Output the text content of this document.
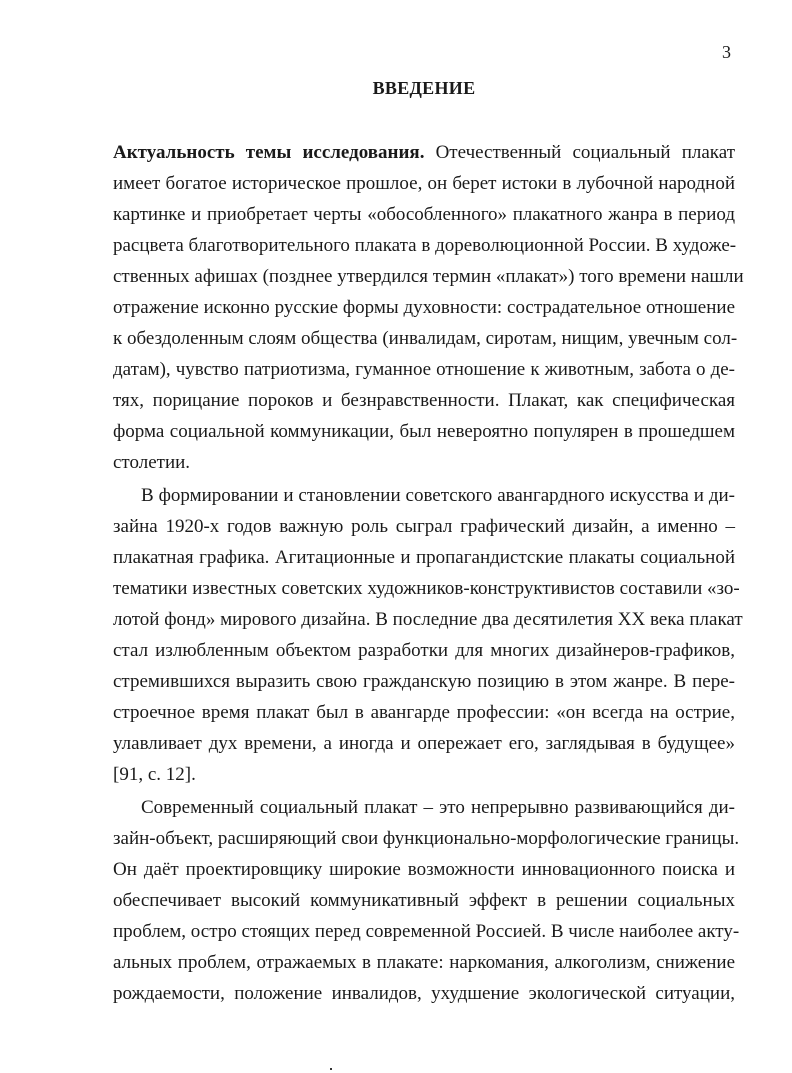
3
ВВЕДЕНИЕ
Актуальность темы исследования. Отечественный социальный плакат
имеет богатое историческое прошлое, он берет истоки в лубочной народной
картинке и приобретает черты «обособленного» плакатного жанра в период
расцвета благотворительного плаката в дореволюционной России. В художе-
ственных афишах (позднее утвердился термин «плакат») того времени нашли
отражение исконно русские формы духовности: сострадательное отношение
к обездоленным слоям общества (инвалидам, сиротам, нищим, увечным сол-
датам), чувство патриотизма, гуманное отношение к животным, забота о де-
тях, порицание пороков и безнравственности. Плакат, как специфическая
форма социальной коммуникации, был невероятно популярен в прошедшем
столетии.
В формировании и становлении советского авангардного искусства и ди-
зайна 1920-х годов важную роль сыграл графический дизайн, а именно –
плакатная графика. Агитационные и пропагандистские плакаты социальной
тематики известных советских художников-конструктивистов составили «зо-
лотой фонд» мирового дизайна. В последние два десятилетия XX века плакат
стал излюбленным объектом разработки для многих дизайнеров-графиков,
стремившихся выразить свою гражданскую позицию в этом жанре. В пере-
строечное время плакат был в авангарде профессии: «он всегда на острие,
улавливает дух времени, а иногда и опережает его, заглядывая в будущее»
[91, с. 12].
Современный социальный плакат – это непрерывно развивающийся ди-
зайн-объект, расширяющий свои функционально-морфологические границы.
Он даёт проектировщику широкие возможности инновационного поиска и
обеспечивает высокий коммуникативный эффект в решении социальных
проблем, остро стоящих перед современной Россией. В числе наиболее акту-
альных проблем, отражаемых в плакате: наркомания, алкоголизм, снижение
рождаемости, положение инвалидов, ухудшение экологической ситуации,
